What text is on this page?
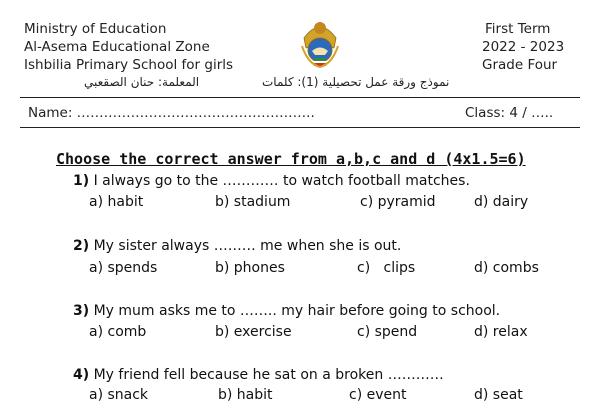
Ministry of Education
Al-Asema Educational Zone
Ishbilia Primary School for girls
المعلمة: حنان الصقعبي	نموذج ورقة عمل تحصيلية (1): كلمات
First Term
2022 - 2023
Grade Four
Name: ……………………………………………..	Class: 4 / …..
Choose the correct answer from a,b,c and d (4x1.5=6)
1) I always go to the ………… to watch football matches.
a) habit	b) stadium	c) pyramid	d) dairy
2) My sister always ……… me when she is out.
a) spends	b) phones	c)   clips	d) combs
3) My mum asks me to …….. my hair before going to school.
a) comb	b) exercise	c) spend	d) relax
4) My friend fell because he sat on a broken …………
a) snack	b) habit	c) event	d) seat
